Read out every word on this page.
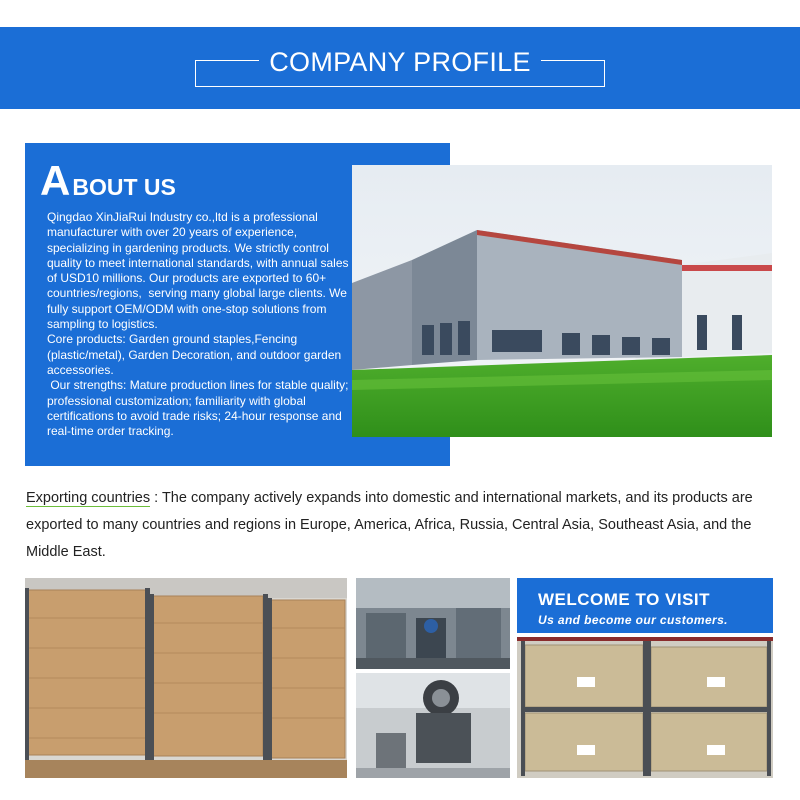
COMPANY PROFILE
ABOUT US
Qingdao XinJiaRui Industry co.,ltd is a professional manufacturer with over 20 years of experience, specializing in gardening products. We strictly control quality to meet international standards, with annual sales of USD10 millions. Our products are exported to 60+ countries/regions,  serving many global large clients. We fully support OEM/ODM with one-stop solutions from sampling to logistics.
Core products: Garden ground staples,Fencing (plastic/metal), Garden Decoration, and outdoor garden accessories.
Our strengths: Mature production lines for stable quality; professional customization; familiarity with global certifications to avoid trade risks; 24-hour response and real-time order tracking.
Exporting countries : The company actively expands into domestic and international markets, and its products are exported to many countries and regions in Europe, America, Africa, Russia, Central Asia, Southeast Asia, and the Middle East.
WELCOME TO VISIT
Us and become our customers.
